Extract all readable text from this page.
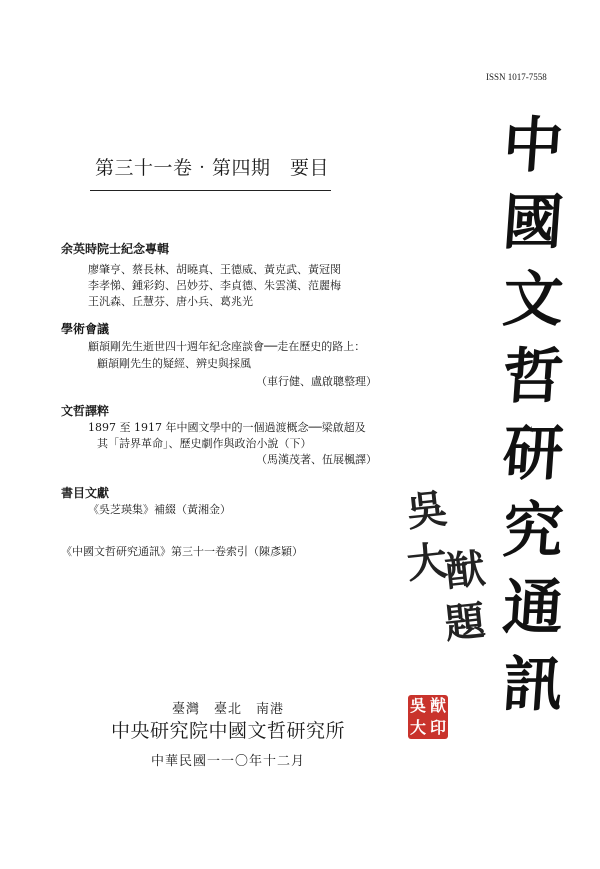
ISSN 1017-7558
中
國
文
哲
研
究
通
訊
吳
大
猷
題
吳 猷
大 印
第三十一卷‧第四期　要目
余英時院士紀念專輯
廖肇亨、蔡長林、胡曉真、王德威、黃克武、黃冠閔
李孝悌、鍾彩鈞、呂妙芬、李貞德、朱雲漢、范麗梅
王汎森、丘慧芬、唐小兵、葛兆光
學術會議
顧頡剛先生逝世四十週年紀念座談會──走在歷史的路上：
顧頡剛先生的疑經、辨史與採風
（車行健、盧啟聰整理）
文哲譯粹
1897 至 1917 年中國文學中的一個過渡概念──梁啟超及
其「詩界革命」、歷史劇作與政治小說（下）
（馬漢茂著、伍展楓譯）
書目文獻
《吳芝瑛集》補綴（黃湘金）
《中國文哲研究通訊》第三十一卷索引（陳彥穎）
臺灣　臺北　南港
中央研究院中國文哲研究所
中華民國一一〇年十二月
